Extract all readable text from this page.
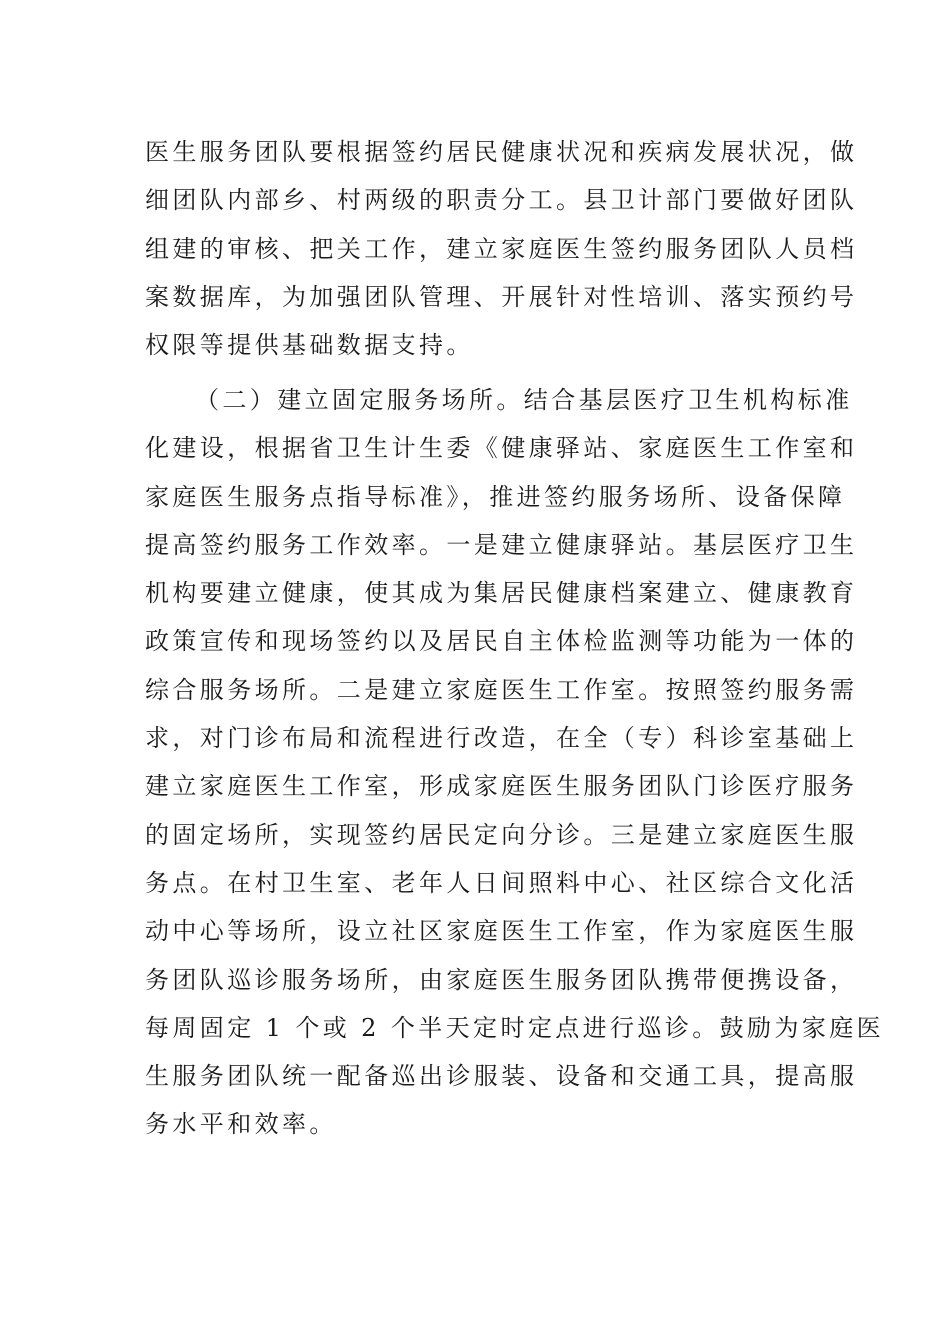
医生服务团队要根据签约居民健康状况和疾病发展状况，做
细团队内部乡、村两级的职责分工。县卫计部门要做好团队
组建的审核、把关工作，建立家庭医生签约服务团队人员档
案数据库，为加强团队管理、开展针对性培训、落实预约号
权限等提供基础数据支持。
（二）建立固定服务场所。结合基层医疗卫生机构标准
化建设，根据省卫生计生委《健康驿站、家庭医生工作室和
家庭医生服务点指导标准》，推进签约服务场所、设备保障
提高签约服务工作效率。一是建立健康驿站。基层医疗卫生
机构要建立健康，使其成为集居民健康档案建立、健康教育
政策宣传和现场签约以及居民自主体检监测等功能为一体的
综合服务场所。二是建立家庭医生工作室。按照签约服务需
求，对门诊布局和流程进行改造，在全（专）科诊室基础上
建立家庭医生工作室，形成家庭医生服务团队门诊医疗服务
的固定场所，实现签约居民定向分诊。三是建立家庭医生服
务点。在村卫生室、老年人日间照料中心、社区综合文化活
动中心等场所，设立社区家庭医生工作室，作为家庭医生服
务团队巡诊服务场所，由家庭医生服务团队携带便携设备，
每周固定 1 个或 2 个半天定时定点进行巡诊。鼓励为家庭医
生服务团队统一配备巡出诊服装、设备和交通工具，提高服
务水平和效率。
